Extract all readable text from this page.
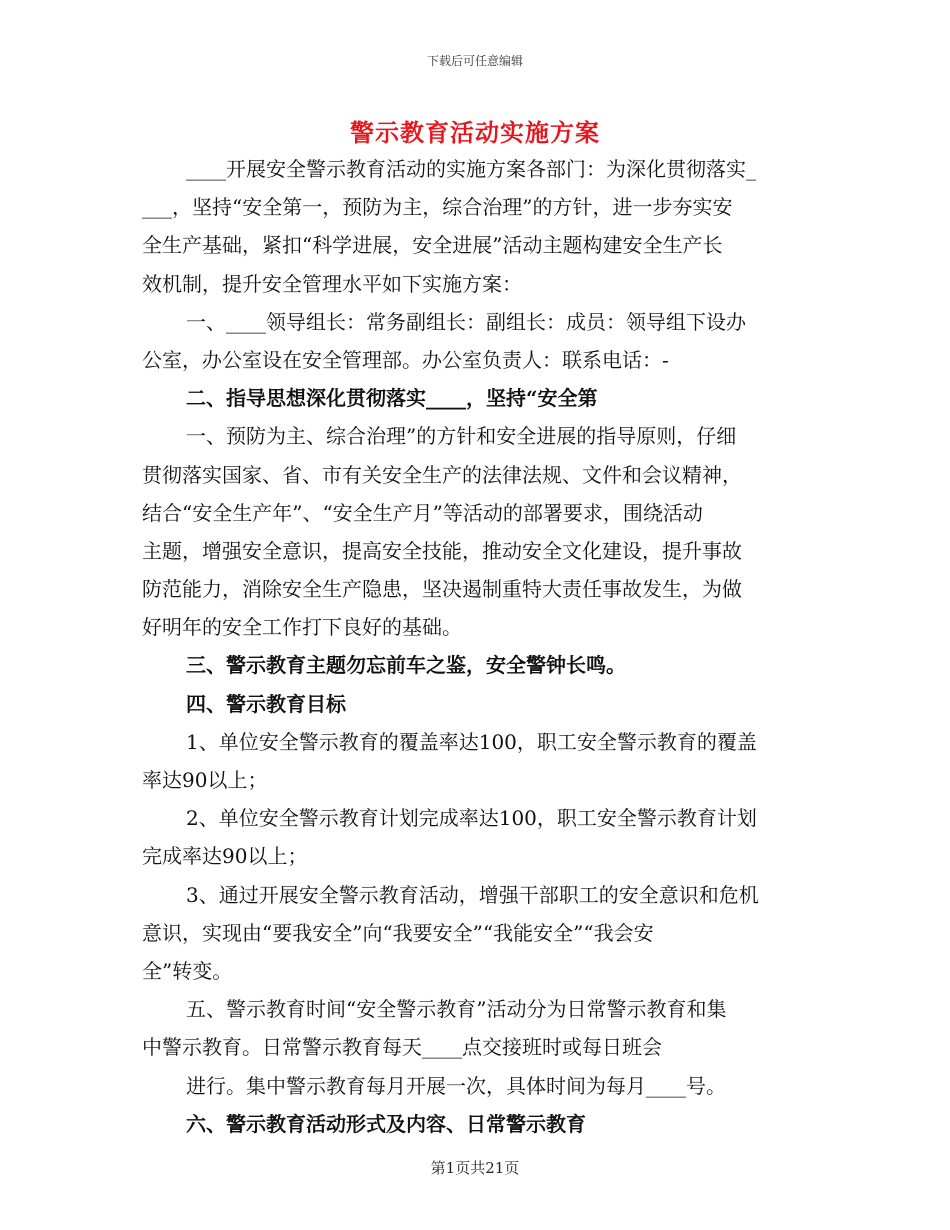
下载后可任意编辑
警示教育活动实施方案
____开展安全警示教育活动的实施方案各部门：为深化贯彻落实_
___，坚持“安全第一，预防为主，综合治理”的方针，进一步夯实安
全生产基础，紧扣“科学进展，安全进展”活动主题构建安全生产长
效机制，提升安全管理水平如下实施方案：
一、____领导组长：常务副组长：副组长：成员：领导组下设办
公室，办公室设在安全管理部。办公室负责人：联系电话：-
二、指导思想深化贯彻落实____，坚持“安全第
一、预防为主、综合治理”的方针和安全进展的指导原则，仔细
贯彻落实国家、省、市有关安全生产的法律法规、文件和会议精神，
结合“安全生产年”、“安全生产月”等活动的部署要求，围绕活动
主题，增强安全意识，提高安全技能，推动安全文化建设，提升事故
防范能力，消除安全生产隐患，坚决遏制重特大责任事故发生，为做
好明年的安全工作打下良好的基础。
三、警示教育主题勿忘前车之鉴，安全警钟长鸣。
四、警示教育目标
1、单位安全警示教育的覆盖率达100，职工安全警示教育的覆盖
率达90以上；
2、单位安全警示教育计划完成率达100，职工安全警示教育计划
完成率达90以上；
3、通过开展安全警示教育活动，增强干部职工的安全意识和危机
意识，实现由“要我安全”向“我要安全”“我能安全”“我会安
全”转变。
五、警示教育时间“安全警示教育”活动分为日常警示教育和集
中警示教育。日常警示教育每天____点交接班时或每日班会
进行。集中警示教育每月开展一次，具体时间为每月____号。
六、警示教育活动形式及内容、日常警示教育
第1页共21页
